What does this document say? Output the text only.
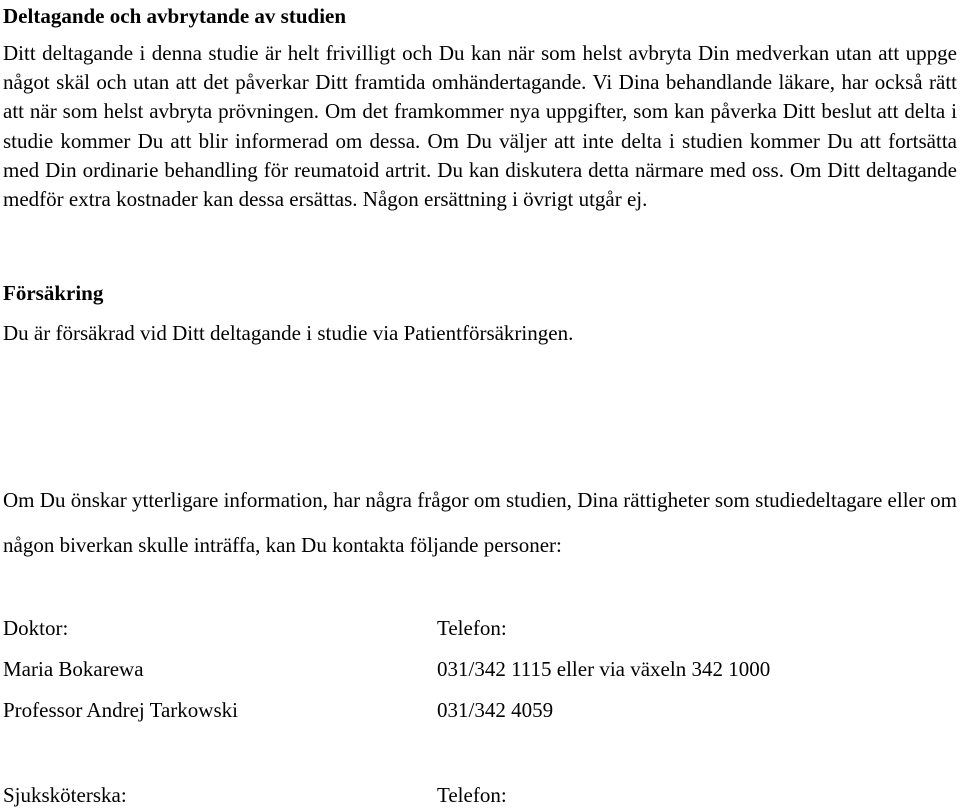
Deltagande och avbrytande av studien

Ditt deltagande i denna studie är helt frivilligt och Du kan när som helst avbryta Din medverkan utan att uppge något skäl och utan att det påverkar Ditt framtida omhändertagande. Vi Dina behandlande läkare, har också rätt att när som helst avbryta prövningen. Om det framkommer nya uppgifter, som kan påverka Ditt beslut att delta i studie kommer Du att blir informerad om dessa. Om Du väljer att inte delta i studien kommer Du att fortsätta med Din ordinarie behandling för reumatoid artrit. Du kan diskutera detta närmare med oss. Om Ditt deltagande medför extra kostnader kan dessa ersättas. Någon ersättning i övrigt utgår ej.

Försäkring

Du är försäkrad vid Ditt deltagande i studie via Patientförsäkringen.

Om Du önskar ytterligare information, har några frågor om studien, Dina rättigheter som studiedeltagare eller om någon biverkan skulle inträffa, kan Du kontakta följande personer:

Doktor:	Telefon:
Maria Bokarewa	031/342 1115 eller via växeln 342 1000
Professor Andrej Tarkowski	031/342 4059
Sjuksköterska:	Telefon:
